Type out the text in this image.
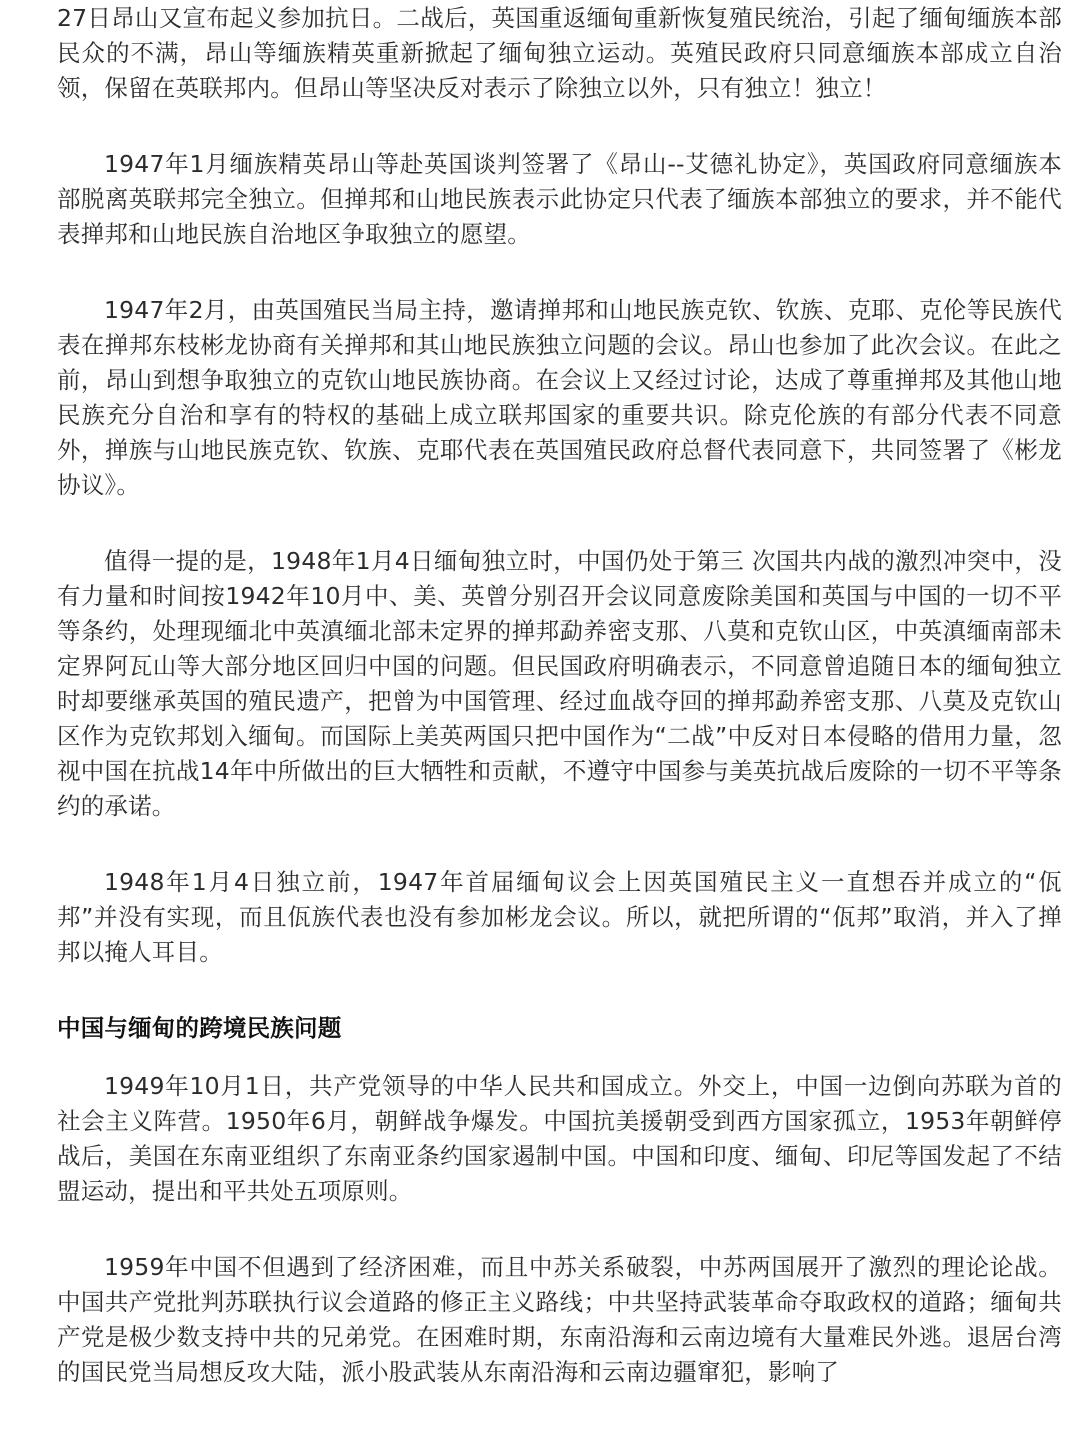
27日昂山又宣布起义参加抗日。二战后，英国重返缅甸重新恢复殖民统治，引起了缅甸缅族本部民众的不满，昂山等缅族精英重新掀起了缅甸独立运动。英殖民政府只同意缅族本部成立自治领，保留在英联邦内。但昂山等坚决反对表示了除独立以外，只有独立！独立！

1947年1月缅族精英昂山等赴英国谈判签署了《昂山--艾德礼协定》，英国政府同意缅族本部脱离英联邦完全独立。但掸邦和山地民族表示此协定只代表了缅族本部独立的要求，并不能代表掸邦和山地民族自治地区争取独立的愿望。

1947年2月，由英国殖民当局主持，邀请掸邦和山地民族克钦、钦族、克耶、克伦等民族代表在掸邦东枝彬龙协商有关掸邦和其山地民族独立问题的会议。昂山也参加了此次会议。在此之前，昂山到想争取独立的克钦山地民族协商。在会议上又经过讨论，达成了尊重掸邦及其他山地民族充分自治和享有的特权的基础上成立联邦国家的重要共识。除克伦族的有部分代表不同意外，掸族与山地民族克钦、钦族、克耶代表在英国殖民政府总督代表同意下，共同签署了《彬龙协议》。

值得一提的是，1948年1月4日缅甸独立时，中国仍处于第三 次国共内战的激烈冲突中，没有力量和时间按1942年10月中、美、英曾分别召开会议同意废除美国和英国与中国的一切不平等条约，处理现缅北中英滇缅北部未定界的掸邦勐养密支那、八莫和克钦山区，中英滇缅南部未定界阿瓦山等大部分地区回归中国的问题。但民国政府明确表示，不同意曾追随日本的缅甸独立时却要继承英国的殖民遗产，把曾为中国管理、经过血战夺回的掸邦勐养密支那、八莫及克钦山区作为克钦邦划入缅甸。而国际上美英两国只把中国作为“二战”中反对日本侵略的借用力量，忽视中国在抗战14年中所做出的巨大牺牲和贡献，不遵守中国参与美英抗战后废除的一切不平等条约的承诺。

1948年1月4日独立前，1947年首届缅甸议会上因英国殖民主义一直想吞并成立的“佤邦”并没有实现，而且佤族代表也没有参加彬龙会议。所以，就把所谓的“佤邦”取消，并入了掸邦以掩人耳目。

中国与缅甸的跨境民族问题

1949年10月1日，共产党领导的中华人民共和国成立。外交上，中国一边倒向苏联为首的社会主义阵营。1950年6月，朝鲜战争爆发。中国抗美援朝受到西方国家孤立，1953年朝鲜停战后，美国在东南亚组织了东南亚条约国家遏制中国。中国和印度、缅甸、印尼等国发起了不结盟运动，提出和平共处五项原则。

1959年中国不但遇到了经济困难，而且中苏关系破裂，中苏两国展开了激烈的理论论战。中国共产党批判苏联执行议会道路的修正主义路线；中共坚持武装革命夺取政权的道路；缅甸共产党是极少数支持中共的兄弟党。在困难时期，东南沿海和云南边境有大量难民外逃。退居台湾的国民党当局想反攻大陆，派小股武装从东南沿海和云南边疆窜犯，影响了
